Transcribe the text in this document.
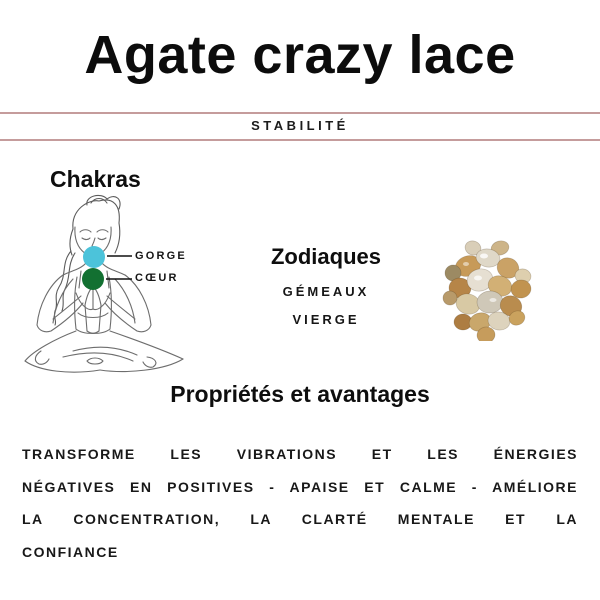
Agate crazy lace
STABILITÉ
Chakras
GORGE
CŒUR
Zodiaques
GÉMEAUX
VIERGE
Propriétés et avantages
TRANSFORME LES VIBRATIONS ET LES ÉNERGIES
NÉGATIVES EN POSITIVES - APAISE ET CALME - AMÉLIORE
LA CONCENTRATION, LA CLARTÉ MENTALE ET LA
CONFIANCE
